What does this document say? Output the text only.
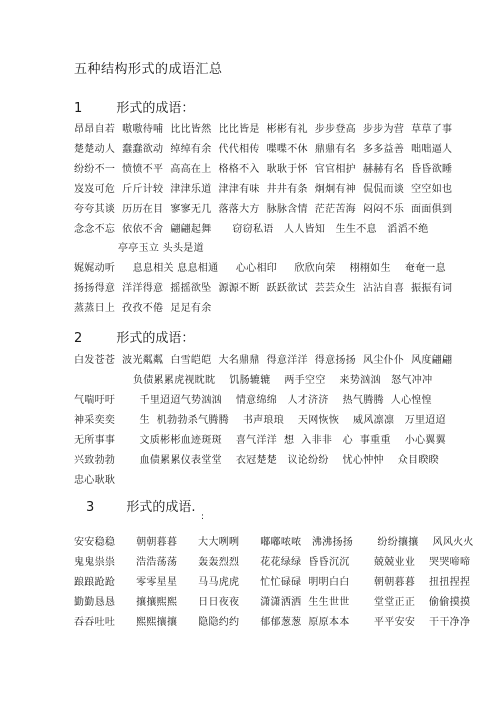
五种结构形式的成语汇总
1	形式的成语：
昂昂自若  嗷嗷待哺  比比皆然  比比皆是  彬彬有礼  步步登高  步步为营  草草了事
楚楚动人  蠢蠢欲动  绰绰有余  代代相传  喋喋不休  鼎鼎有名  多多益善  咄咄逼人
纷纷不一  愤愤不平  高高在上  格格不入  耿耿于怀  官官相护  赫赫有名  昏昏欲睡
岌岌可危  斤斤计较  津津乐道  津津有味  井井有条  炯炯有神  侃侃而谈  空空如也
夸夸其谈  历历在目  寥寥无几  落落大方  脉脉含情  茫茫苦海  闷闷不乐  面面俱到
念念不忘  依依不舍  翩翩起舞      窃窃私语   人人皆知   生生不息   滔滔不绝
亭亭玉立 头头是道
娓娓动听     息息相关 息息相通     心心相印     欣欣向荣    栩栩如生    奄奄一息
扬扬得意  洋洋得意  摇摇欲坠  源源不断  跃跃欲试  芸芸众生  沾沾自喜  振振有词
蒸蒸日上  孜孜不倦  足足有余
2	形式的成语：
白发苍苍  波光粼粼  白雪皑皑  大名鼎鼎  得意洋洋  得意扬扬  风尘仆仆  风度翩翩
负债累累虎视眈眈    饥肠辘辘    两手空空    来势汹汹   怒气冲冲
气喘吁吁       千里迢迢气势汹汹    情意绵绵   人才济济    热气腾腾  人心惶惶
神采奕奕       生  机勃勃杀气腾腾    书声琅琅    天网恢恢    威风凛凛   万里迢迢
无所事事       文质彬彬血迹斑斑    喜气洋洋  想  入非非   心  事重重    小心翼翼
兴致勃勃       血债累累仪表堂堂    衣冠楚楚   议论纷纷    忧心忡忡    众目睽睽
忠心耿耿
3 形式的成语.
:
安安稳稳      朝朝暮暮      大大咧咧      嘟嘟哝哝   沸沸扬扬       纷纷攘攘    风风火火
鬼鬼祟祟      浩浩荡荡      轰轰烈烈      花花绿绿  昏昏沉沉       兢兢业业    哭哭啼啼
踉踉跄跄      零零星星      马马虎虎      忙忙碌碌  明明白白       朝朝暮暮    扭扭捏捏
勤勤恳恳      攘攘熙熙      日日夜夜      潇潇洒洒  生生世世       堂堂正正    偷偷摸摸
吞吞吐吐      熙熙攘攘      隐隐约约      郁郁葱葱  原原本本       平平安安    干干净净
